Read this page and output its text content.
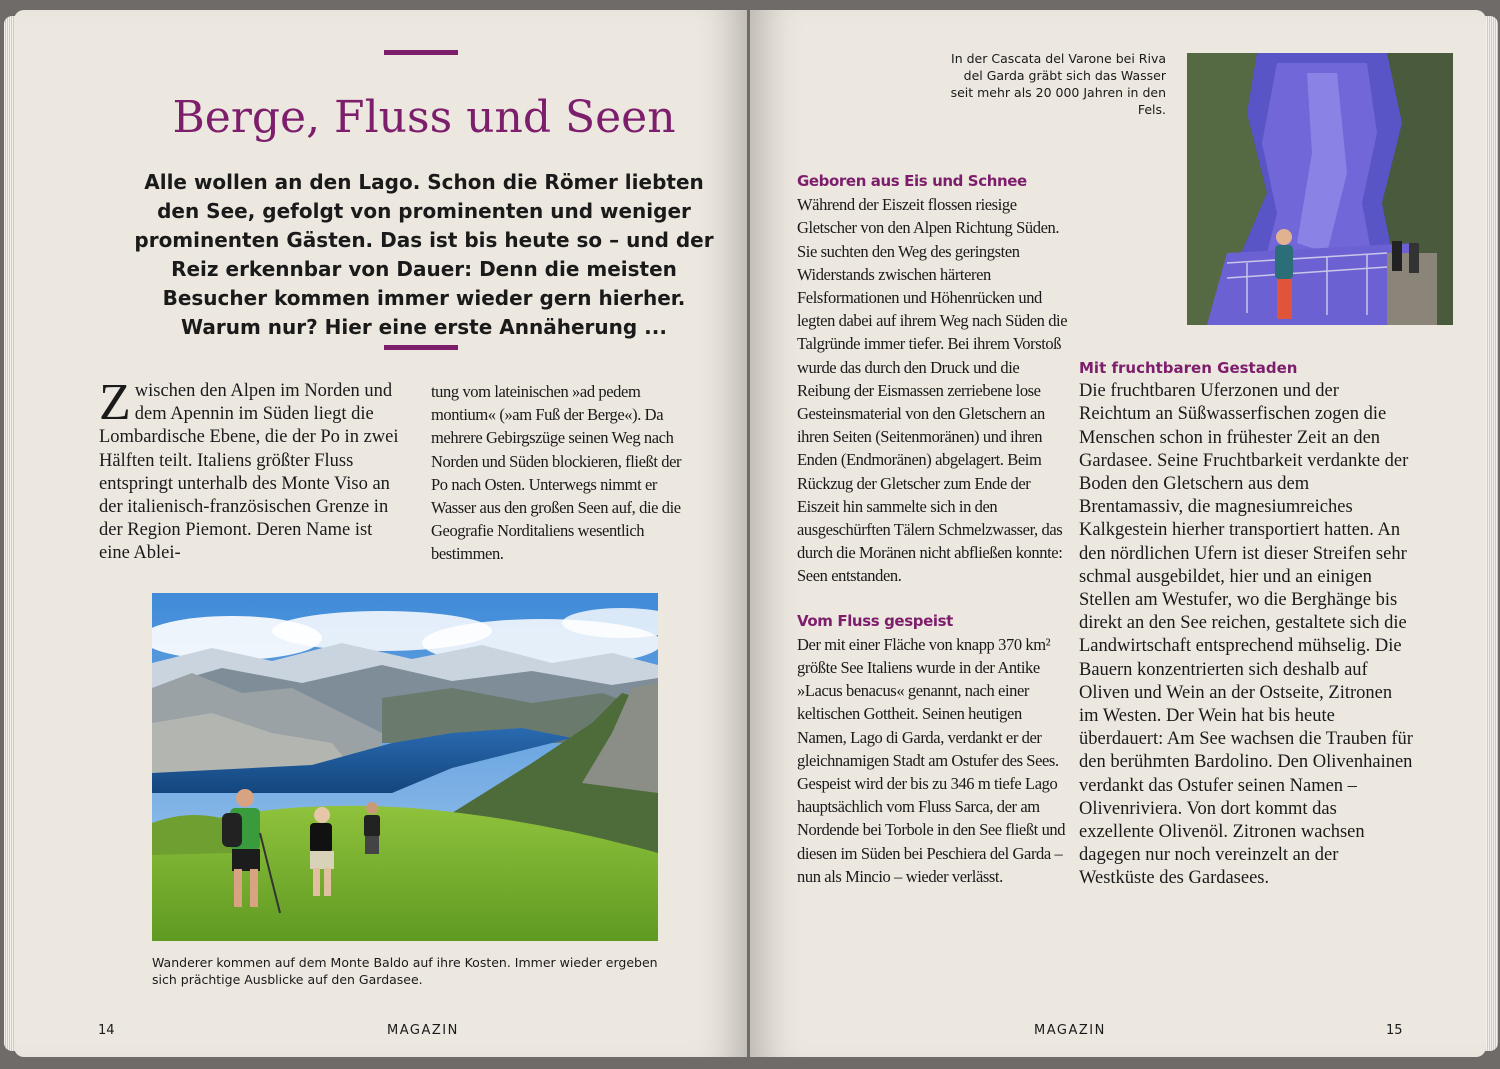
Berge, Fluss und Seen
Alle wollen an den Lago. Schon die Römer liebten den See, gefolgt von prominenten und weniger prominenten Gästen. Das ist bis heute so – und der Reiz erkennbar von Dauer: Denn die meisten Besucher kommen immer wieder gern hierher. Warum nur? Hier eine erste Annäherung ...
Zwischen den Alpen im Norden und dem Apennin im Süden liegt die Lombardische Ebene, die der Po in zwei Hälften teilt. Italiens größter Fluss entspringt unterhalb des Monte Viso an der italienisch-französischen Grenze in der Region Piemont. Deren Name ist eine Ablei-
tung vom lateinischen »ad pedem montium« (»am Fuß der Berge«). Da mehrere Gebirgszüge seinen Weg nach Norden und Süden blockieren, fließt der Po nach Osten. Unterwegs nimmt er Wasser aus den großen Seen auf, die die Geografie Norditaliens wesentlich bestimmen.
Wanderer kommen auf dem Monte Baldo auf ihre Kosten. Immer wieder ergeben sich prächtige Ausblicke auf den Gardasee.
14	MAGAZIN
In der Cascata del Varone bei Riva del Garda gräbt sich das Wasser seit mehr als 20 000 Jahren in den Fels.

Geboren aus Eis und Schnee

Während der Eiszeit flossen riesige Gletscher von den Alpen Richtung Süden. Sie suchten den Weg des geringsten Widerstands zwischen härteren Felsformationen und Höhenrücken und legten dabei auf ihrem Weg nach Süden die Talgründe immer tiefer. Bei ihrem Vorstoß wurde das durch den Druck und die Reibung der Eismassen zerriebene lose Gesteinsmaterial von den Gletschern an ihren Seiten (Seitenmoränen) und ihren Enden (Endmoränen) abgelagert. Beim Rückzug der Gletscher zum Ende der Eiszeit hin sammelte sich in den ausgeschürften Tälern Schmelzwasser, das durch die Moränen nicht abfließen konnte: Seen entstanden.

Vom Fluss gespeist

Der mit einer Fläche von knapp 370 km² größte See Italiens wurde in der Antike »Lacus benacus« genannt, nach einer keltischen Gottheit. Seinen heutigen Namen, Lago di Garda, verdankt er der gleichnamigen Stadt am Ostufer des Sees. Gespeist wird der bis zu 346 m tiefe Lago hauptsächlich vom Fluss Sarca, der am Nordende bei Torbole in den See fließt und diesen im Süden bei Peschiera del Garda – nun als Mincio – wieder verlässt.

Mit fruchtbaren Gestaden

Die fruchtbaren Uferzonen und der Reichtum an Süßwasserfischen zogen die Menschen schon in frühester Zeit an den Gardasee. Seine Fruchtbarkeit verdankte der Boden den Gletschern aus dem Brentamassiv, die magnesiumreiches Kalkgestein hierher transportiert hatten. An den nördlichen Ufern ist dieser Streifen sehr schmal ausgebildet, hier und an einigen Stellen am Westufer, wo die Berghänge bis direkt an den See reichen, gestaltete sich die Landwirtschaft entsprechend mühselig. Die Bauern konzentrierten sich deshalb auf Oliven und Wein an der Ostseite, Zitronen im Westen. Der Wein hat bis heute überdauert: Am See wachsen die Trauben für den berühmten Bardolino. Den Olivenhainen verdankt das Ostufer seinen Namen – Olivenriviera. Von dort kommt das exzellente Olivenöl. Zitronen wachsen dagegen nur noch vereinzelt an der Westküste des Gardasees.
MAGAZIN	15
